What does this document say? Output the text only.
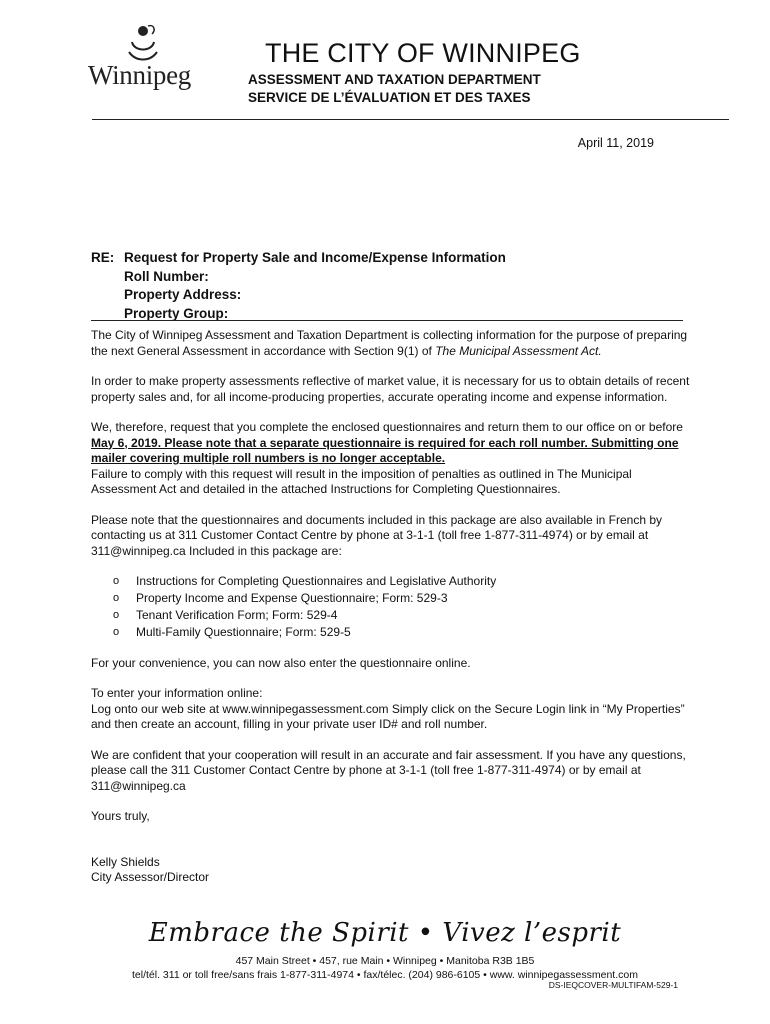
Winnipeg
THE CITY OF WINNIPEG
ASSESSMENT AND TAXATION DEPARTMENT
SERVICE DE L’ÉVALUATION ET DES TAXES
April 11, 2019
RE: Request for Property Sale and Income/Expense Information
Roll Number:
Property Address:
Property Group:

The City of Winnipeg Assessment and Taxation Department is collecting information for the purpose of preparing the next General Assessment in accordance with Section 9(1) of The Municipal Assessment Act.

In order to make property assessments reflective of market value, it is necessary for us to obtain details of recent property sales and, for all income-producing properties, accurate operating income and expense information.

We, therefore, request that you complete the enclosed questionnaires and return them to our office on or before May 6, 2019. Please note that a separate questionnaire is required for each roll number. Submitting one mailer covering multiple roll numbers is no longer acceptable.
Failure to comply with this request will result in the imposition of penalties as outlined in The Municipal Assessment Act and detailed in the attached Instructions for Completing Questionnaires.

Please note that the questionnaires and documents included in this package are also available in French by contacting us at 311 Customer Contact Centre by phone at 3-1-1 (toll free 1-877-311-4974) or by email at 311@winnipeg.ca Included in this package are:

o Instructions for Completing Questionnaires and Legislative Authority
o Property Income and Expense Questionnaire; Form: 529-3
o Tenant Verification Form; Form: 529-4
o Multi-Family Questionnaire; Form: 529-5

For your convenience, you can now also enter the questionnaire online.

To enter your information online:
Log onto our web site at www.winnipegassessment.com Simply click on the Secure Login link in “My Properties” and then create an account, filling in your private user ID# and roll number.

We are confident that your cooperation will result in an accurate and fair assessment. If you have any questions, please call the 311 Customer Contact Centre by phone at 3-1-1 (toll free 1-877-311-4974) or by email at 311@winnipeg.ca

Yours truly,

Kelly Shields
City Assessor/Director
Embrace the Spirit • Vivez l’esprit
457 Main Street • 457, rue Main • Winnipeg • Manitoba R3B 1B5
tel/tél. 311 or toll free/sans frais 1-877-311-4974 • fax/télec. (204) 986-6105 • www. winnipegassessment.com
DS-IEQCOVER-MULTIFAM-529-1
